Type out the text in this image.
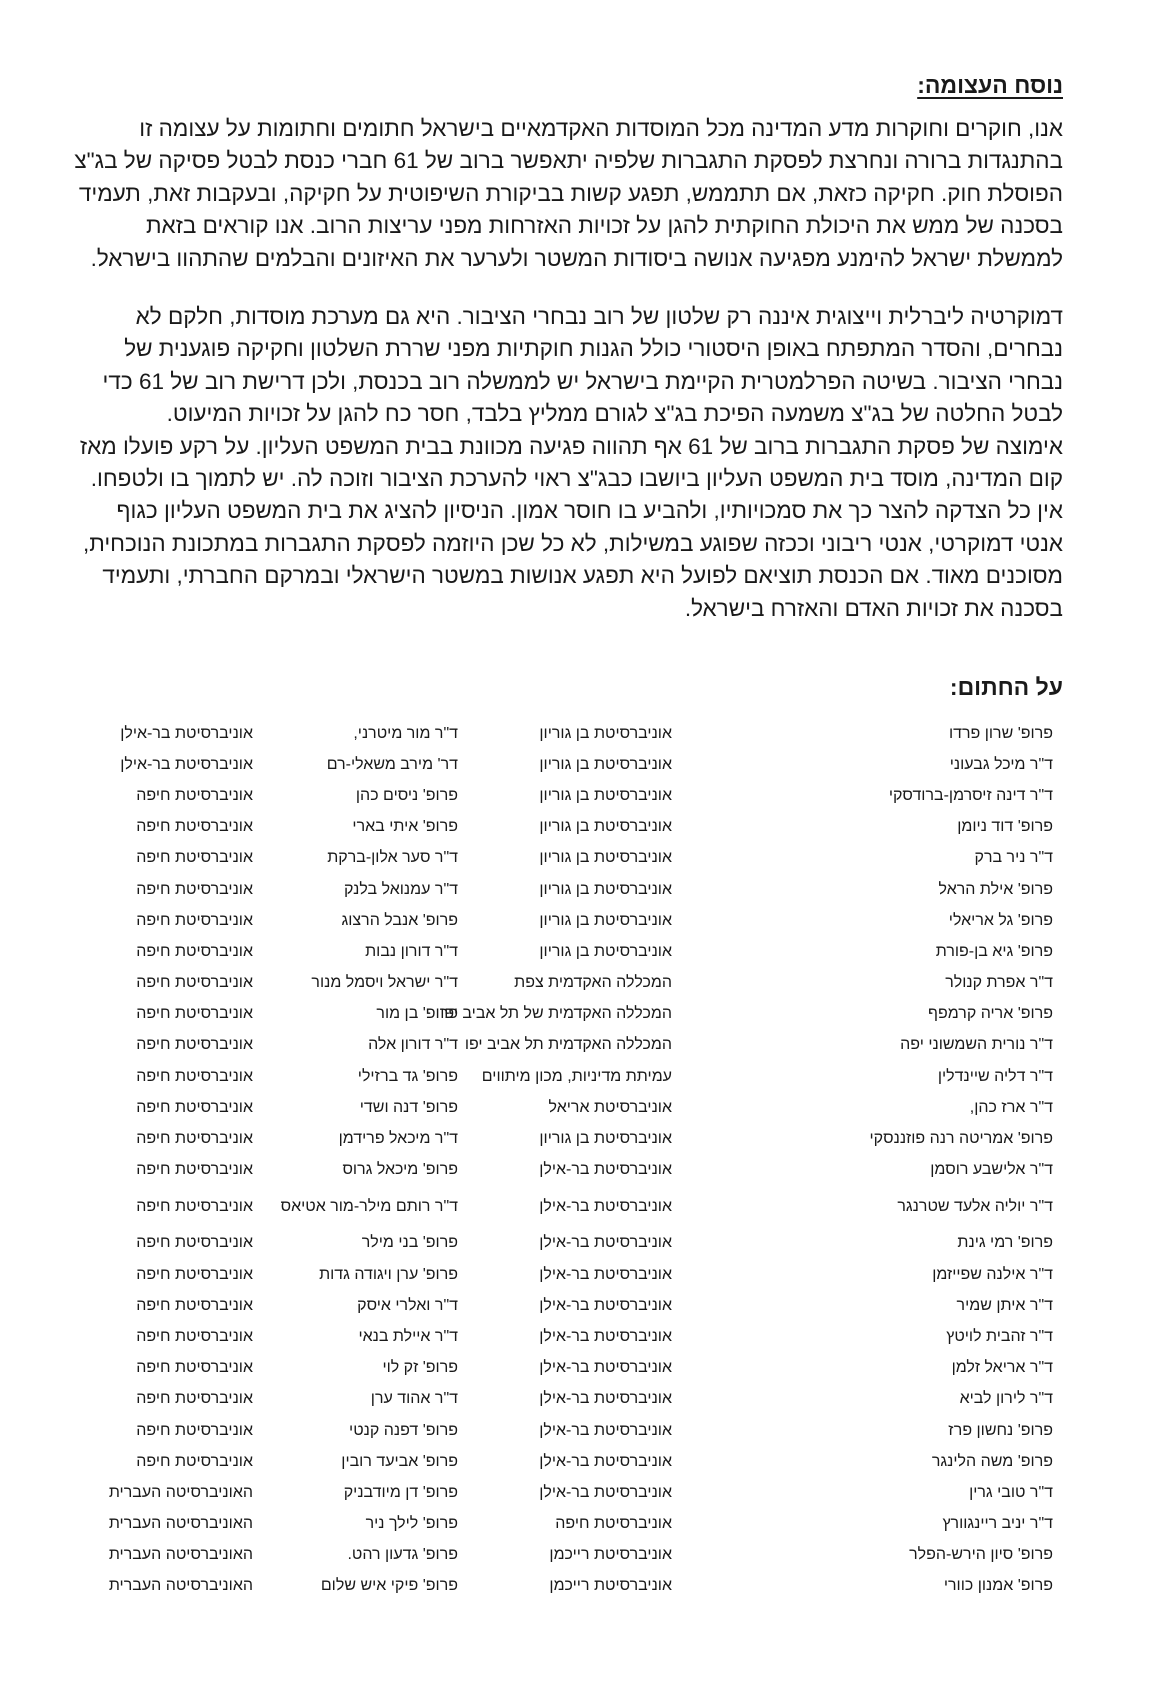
נוסח העצומה:
אנו, חוקרים וחוקרות מדע המדינה מכל המוסדות האקדמאיים בישראל חתומים וחתומות על עצומה זו
בהתנגדות ברורה ונחרצת לפסקת התגברות שלפיה יתאפשר ברוב של 61 חברי כנסת לבטל פסיקה של בג"צ
הפוסלת חוק. חקיקה כזאת, אם תתממש, תפגע קשות בביקורת השיפוטית על חקיקה, ובעקבות זאת, תעמיד
בסכנה של ממש את היכולת החוקתית להגן על זכויות האזרחות מפני עריצות הרוב. אנו קוראים בזאת
לממשלת ישראל להימנע מפגיעה אנושה ביסודות המשטר ולערער את האיזונים והבלמים שהתהוו בישראל.
דמוקרטיה ליברלית וייצוגית איננה רק שלטון של רוב נבחרי הציבור. היא גם מערכת מוסדות, חלקם לא
נבחרים, והסדר המתפתח באופן היסטורי כולל הגנות חוקתיות מפני שררת השלטון וחקיקה פוגענית של
נבחרי הציבור. בשיטה הפרלמטרית הקיימת בישראל יש לממשלה רוב בכנסת, ולכן דרישת רוב של 61 כדי
לבטל החלטה של בג"צ משמעה הפיכת בג"צ לגורם ממליץ בלבד, חסר כח להגן על זכויות המיעוט.
אימוצה של פסקת התגברות ברוב של 61 אף תהווה פגיעה מכוונת בבית המשפט העליון. על רקע פועלו מאז
קום המדינה, מוסד בית המשפט העליון ביושבו כבג"צ ראוי להערכת הציבור וזוכה לה. יש לתמוך בו ולטפחו.
אין כל הצדקה להצר כך את סמכויותיו, ולהביע בו חוסר אמון. הניסיון להציג את בית המשפט העליון כגוף
אנטי דמוקרטי, אנטי ריבוני וככזה שפוגע במשילות, לא כל שכן היוזמה לפסקת התגברות במתכונת הנוכחית,
מסוכנים מאוד. אם הכנסת תוציאם לפועל היא תפגע אנושות במשטר הישראלי ובמרקם החברתי, ותעמיד
בסכנה את זכויות האדם והאזרח בישראל.
על החתום:
פרופ' שרון פרדו	אוניברסיטת בן גוריון	ד"ר מור מיטרני,	אוניברסיטת בר-אילן
ד"ר מיכל גבעוני	אוניברסיטת בן גוריון	דר' מירב משאלי-רם	אוניברסיטת בר-אילן
ד"ר דינה זיסרמן-ברודסקי	אוניברסיטת בן גוריון	פרופ' ניסים כהן	אוניברסיטת חיפה
פרופ' דוד ניומן	אוניברסיטת בן גוריון	פרופ' איתי בארי	אוניברסיטת חיפה
ד"ר ניר ברק	אוניברסיטת בן גוריון	ד"ר סער אלון-ברקת	אוניברסיטת חיפה
פרופ' אילת הראל	אוניברסיטת בן גוריון	ד"ר עמנואל בלנק	אוניברסיטת חיפה
פרופ' גל אריאלי	אוניברסיטת בן גוריון	פרופ' אנבל הרצוג	אוניברסיטת חיפה
פרופ' גיא בן-פורת	אוניברסיטת בן גוריון	ד"ר דורון נבות	אוניברסיטת חיפה
ד"ר אפרת קנולר	המכללה האקדמית צפת	ד"ר ישראל ויסמל מנור	אוניברסיטת חיפה
פרופ' אריה קרמפף	המכללה האקדמית של תל אביב יפו	פרופ' בן מור	אוניברסיטת חיפה
ד"ר נורית השמשוני יפה	המכללה האקדמית תל אביב יפו	ד"ר דורון אלה	אוניברסיטת חיפה
ד"ר דליה שיינדלין	עמיתת מדיניות, מכון מיתווים	פרופ' גד ברזילי	אוניברסיטת חיפה
ד"ר ארז כהן,	אוניברסיטת אריאל	פרופ' דנה ושדי	אוניברסיטת חיפה
פרופ' אמריטה רנה פוזננסקי	אוניברסיטת בן גוריון	ד"ר מיכאל פרידמן	אוניברסיטת חיפה
ד"ר אלישבע רוסמן	אוניברסיטת בר-אילן	פרופ' מיכאל גרוס	אוניברסיטת חיפה
ד"ר יוליה אלעד שטרנגר	אוניברסיטת בר-אילן	ד"ר רותם מילר-מור אטיאס	אוניברסיטת חיפה
פרופ' רמי גינת	אוניברסיטת בר-אילן	פרופ' בני מילר	אוניברסיטת חיפה
ד"ר אילנה שפייזמן	אוניברסיטת בר-אילן	פרופ' ערן ויגודה גדות	אוניברסיטת חיפה
ד"ר איתן שמיר	אוניברסיטת בר-אילן	ד"ר ואלרי איסק	אוניברסיטת חיפה
ד"ר זהבית לויטץ	אוניברסיטת בר-אילן	ד"ר איילת בנאי	אוניברסיטת חיפה
ד"ר אריאל זלמן	אוניברסיטת בר-אילן	פרופ' זק לוי	אוניברסיטת חיפה
ד"ר לירון לביא	אוניברסיטת בר-אילן	ד"ר אהוד ערן	אוניברסיטת חיפה
פרופ' נחשון פרז	אוניברסיטת בר-אילן	פרופ' דפנה קנטי	אוניברסיטת חיפה
פרופ' משה הלינגר	אוניברסיטת בר-אילן	פרופ' אביעד רובין	אוניברסיטת חיפה
ד"ר טובי גרין	אוניברסיטת בר-אילן	פרופ' דן מיודבניק	האוניברסיטה העברית
ד"ר יניב ריינגוורץ	אוניברסיטת חיפה	פרופ' לילך ניר	האוניברסיטה העברית
פרופ' סיון הירש-הפלר	אוניברסיטת רייכמן	פרופ' גדעון רהט.	האוניברסיטה העברית
פרופ' אמנון כוורי	אוניברסיטת רייכמן	פרופ' פיקי איש שלום	האוניברסיטה העברית
